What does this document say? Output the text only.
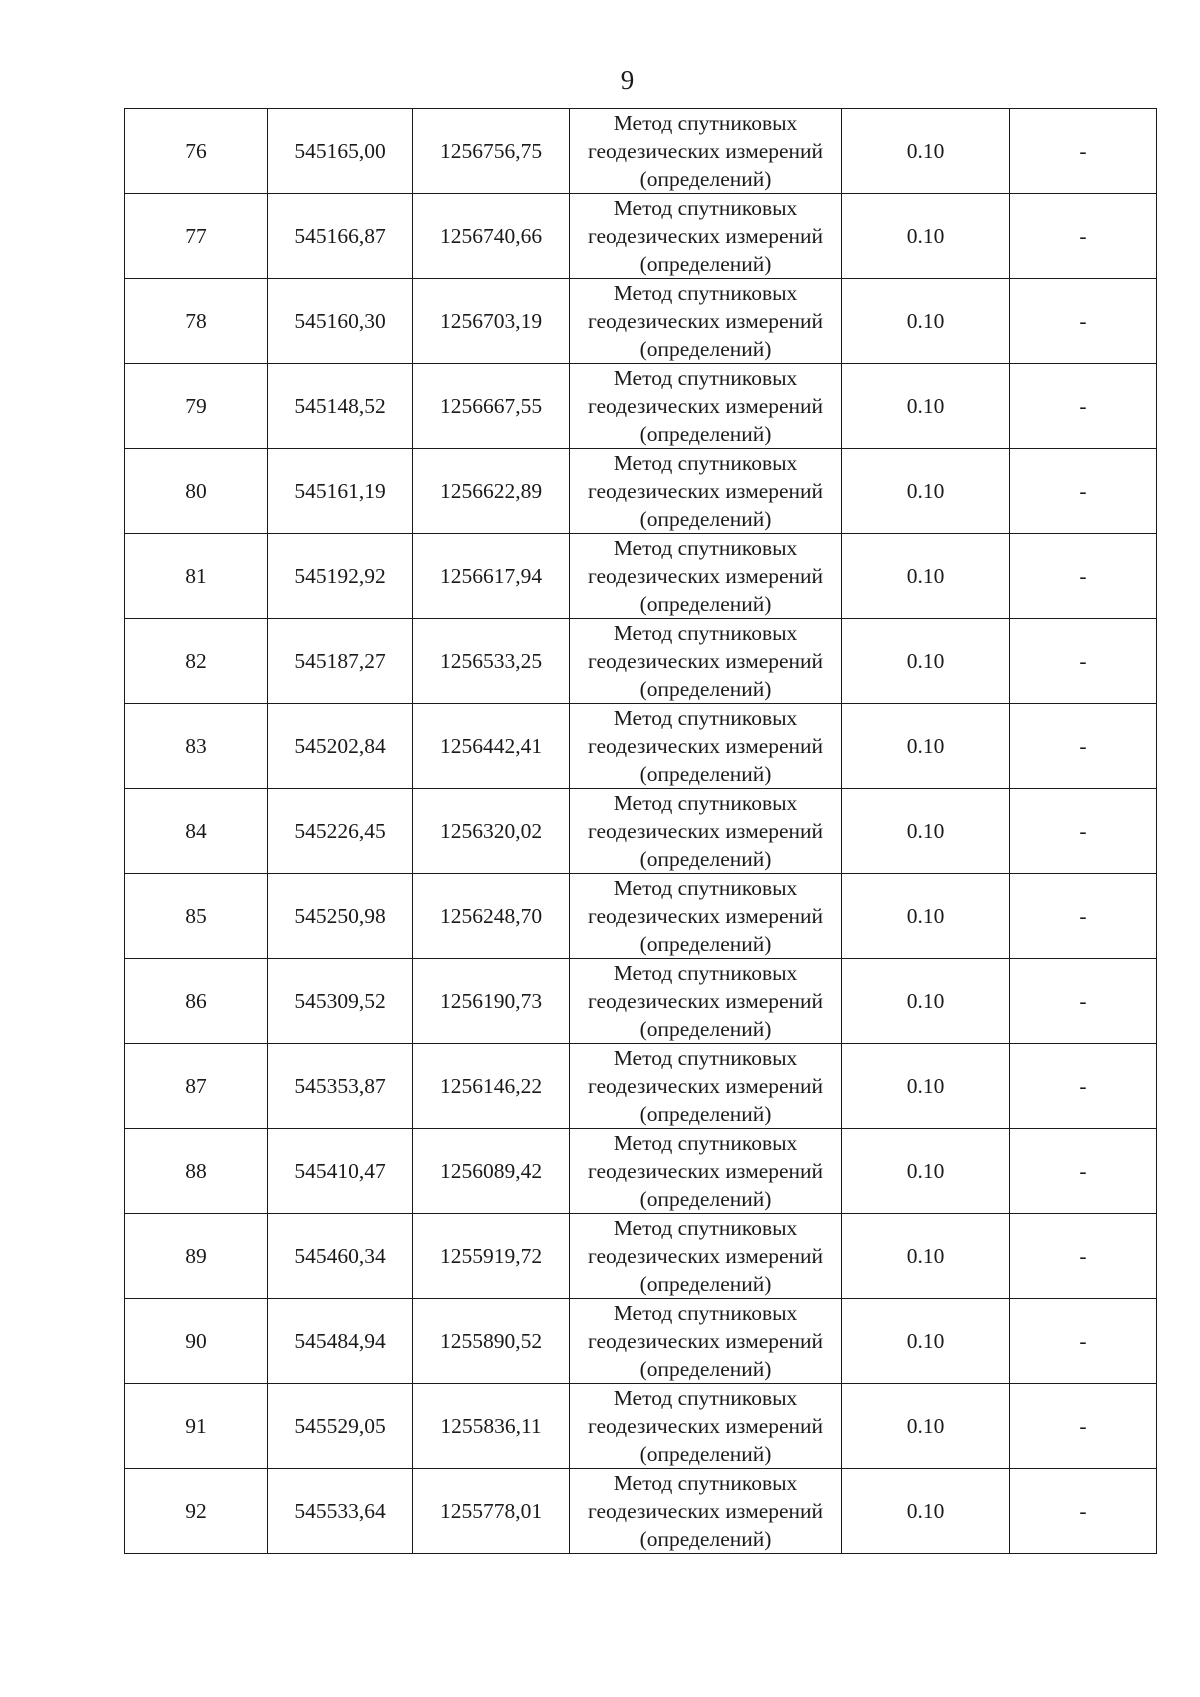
9
76	545165,00	1256756,75	Метод спутниковых
геодезических измерений
(определений)	0.10	-
77	545166,87	1256740,66	Метод спутниковых
геодезических измерений
(определений)	0.10	-
78	545160,30	1256703,19	Метод спутниковых
геодезических измерений
(определений)	0.10	-
79	545148,52	1256667,55	Метод спутниковых
геодезических измерений
(определений)	0.10	-
80	545161,19	1256622,89	Метод спутниковых
геодезических измерений
(определений)	0.10	-
81	545192,92	1256617,94	Метод спутниковых
геодезических измерений
(определений)	0.10	-
82	545187,27	1256533,25	Метод спутниковых
геодезических измерений
(определений)	0.10	-
83	545202,84	1256442,41	Метод спутниковых
геодезических измерений
(определений)	0.10	-
84	545226,45	1256320,02	Метод спутниковых
геодезических измерений
(определений)	0.10	-
85	545250,98	1256248,70	Метод спутниковых
геодезических измерений
(определений)	0.10	-
86	545309,52	1256190,73	Метод спутниковых
геодезических измерений
(определений)	0.10	-
87	545353,87	1256146,22	Метод спутниковых
геодезических измерений
(определений)	0.10	-
88	545410,47	1256089,42	Метод спутниковых
геодезических измерений
(определений)	0.10	-
89	545460,34	1255919,72	Метод спутниковых
геодезических измерений
(определений)	0.10	-
90	545484,94	1255890,52	Метод спутниковых
геодезических измерений
(определений)	0.10	-
91	545529,05	1255836,11	Метод спутниковых
геодезических измерений
(определений)	0.10	-
92	545533,64	1255778,01	Метод спутниковых
геодезических измерений
(определений)	0.10	-
